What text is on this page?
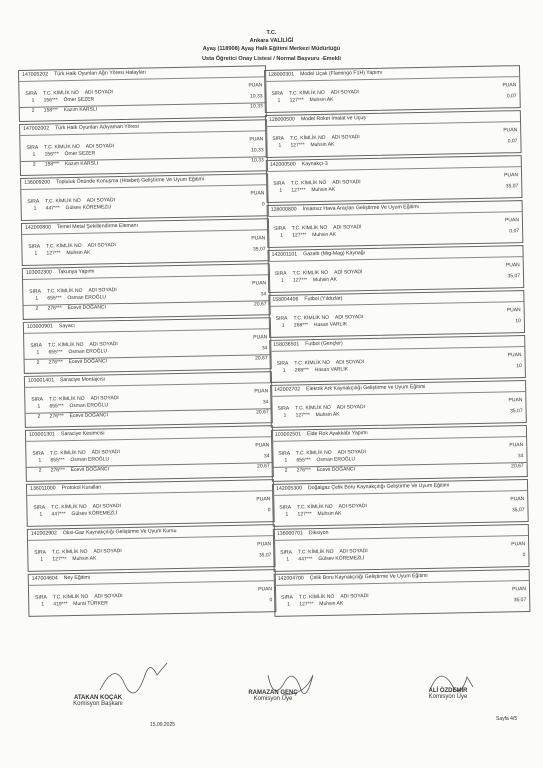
T.C.
Ankara VALİLİĞİ
Ayaş (118908) Ayaş Halk Eğitimi Merkezi Müdürlüğü
Usta Öğretici Onay Listesi / Normal Başvuru -Emekli
147005202 Türk Halk Oyunları Ağrı Yöresi Halayları
SIRA T.C. KİMLİK NO ADI SOYADI
PUAN
1 156*** Ömer SEZER
10,33
2 158*** Kazım KARSLI
10,33
147002002 Türk Halk Oyunları Adıyaman Yöresi
SIRA T.C. KİMLİK NO ADI SOYADI
PUAN
1 156*** Ömer SEZER
10,33
2 158*** Kazım KARSLI
10,33
136009200 Topluluk Önünde Konuşma (Hitabet) Geliştirme Ve Uyum Eğitimi
SIRA T.C. KİMLİK NO ADI SOYADI
PUAN
1 447*** Gülsev KÖREMEZLİ	0
142000800 Temel Metal Şekillendirme Elemanı
SIRA T.C. KİMLİK NO ADI SOYADI
PUAN
1 127*** Muhsin AK
35,07
103002300 Takunya Yapımı
SIRA T.C. KİMLİK NO ADI SOYADI
PUAN
1 655*** Osman EROĞLU
34
2 276*** Ecevit DOĞANCI	20,67
103000901 Sayacı
SIRA T.C. KİMLİK NO ADI SOYADI
PUAN
1 655*** Osman EROĞLU
34
2 276*** Ecevit DOĞANCI	20,67
103001401 Saraciye Montajcısı
SIRA T.C. KİMLİK NO ADI SOYADI
PUAN
1 655*** Osman EROĞLU
34
2 276*** Ecevit DOĞANCI	20,67
103001301 Saraciye Kesimcisi
SIRA T.C. KİMLİK NO ADI SOYADI
PUAN
1 655*** Osman EROĞLU
34
2 276*** Ecevit DOĞANCI	20,67
136011000 Protokol Kuralları
SIRA T.C. KİMLİK NO ADI SOYADI
PUAN
1 447*** Gülsev KÖREMEZLİ	0
142002902 Oksi-Gaz Kaynakçılığı Geliştirme Ve Uyum Kursu
SIRA T.C. KİMLİK NO ADI SOYADI
PUAN
1 127*** Muhsin AK
35,07
147004604 Ney Eğitimi
SIRA T.C. KİMLİK NO ADI SOYADI
PUAN
1 419*** Murat TÜRKER
0
128000301 Model Uçak (Flamingo F1H) Yapımı
SIRA T.C. KİMLİK NO ADI SOYADI
PUAN
1 127*** Muhsin AK
0,07
128000500 Model Roket İmalat ve Uçuş
SIRA T.C. KİMLİK NO ADI SOYADI
PUAN
1 127*** Muhsin AK
0,07
142000500 Kaynakçı-3
SIRA T.C. KİMLİK NO ADI SOYADI
PUAN
1 127*** Muhsin AK
35,07
128000800 İnsansız Hava Araçları Geliştirme Ve Uyum Eğitimi
SIRA T.C. KİMLİK NO ADI SOYADI
PUAN
1 127*** Muhsin AK
0,07
142001101 Gazaltı (Mig-Mag) Kaynağı
SIRA T.C. KİMLİK NO ADI SOYADI
PUAN
1 127*** Muhsin AK
35,07
158004406 Futbol (Yıldızlar)
SIRA T.C. KİMLİK NO ADI SOYADI
PUAN
1 268*** Hasan VARLIK
10
158036501 Futbol (Gençler)
SIRA T.C. KİMLİK NO ADI SOYADI
PUAN
1 268*** Hasan VARLIK
10
142002702 Elektrik Ark Kaynakçılığı Geliştirme ve Uyum Eğitimi
SIRA T.C. KİMLİK NO ADI SOYADI
PUAN
1 127*** Muhsin AK
35,07
103002501 Elde Rok Ayakkabı Yapımı
SIRA T.C. KİMLİK NO ADI SOYADI
PUAN
1 655*** Osman EROĞLU
34
2 276*** Ecevit DOĞANCI
20,67
142005300 Doğalgaz Çelik Boru Kaynakçılığı Geliştirme Ve Uyum Eğitimi
SIRA T.C. KİMLİK NO ADI SOYADI
PUAN
1 127*** Muhsin AK
35,07
136000701 Diksiyon
SIRA T.C. KİMLİK NO ADI SOYADI
PUAN
1 447*** Gülsev KÖREMEZLİ
0
142004700 Çelik Boru Kaynakçılığı Geliştirme Ve Uyum Eğitimi
SIRA T.C. KİMLİK NO ADI SOYADI
PUAN
1 127*** Muhsin AK
35,07
ATAKAN KOÇAK
Komisyon Başkanı
RAMAZAN GENÇ
Komisyon Üye
ALİ ÖZDEMİR
Komisyon Üye
15.09.2025
Sayfa 4/5
